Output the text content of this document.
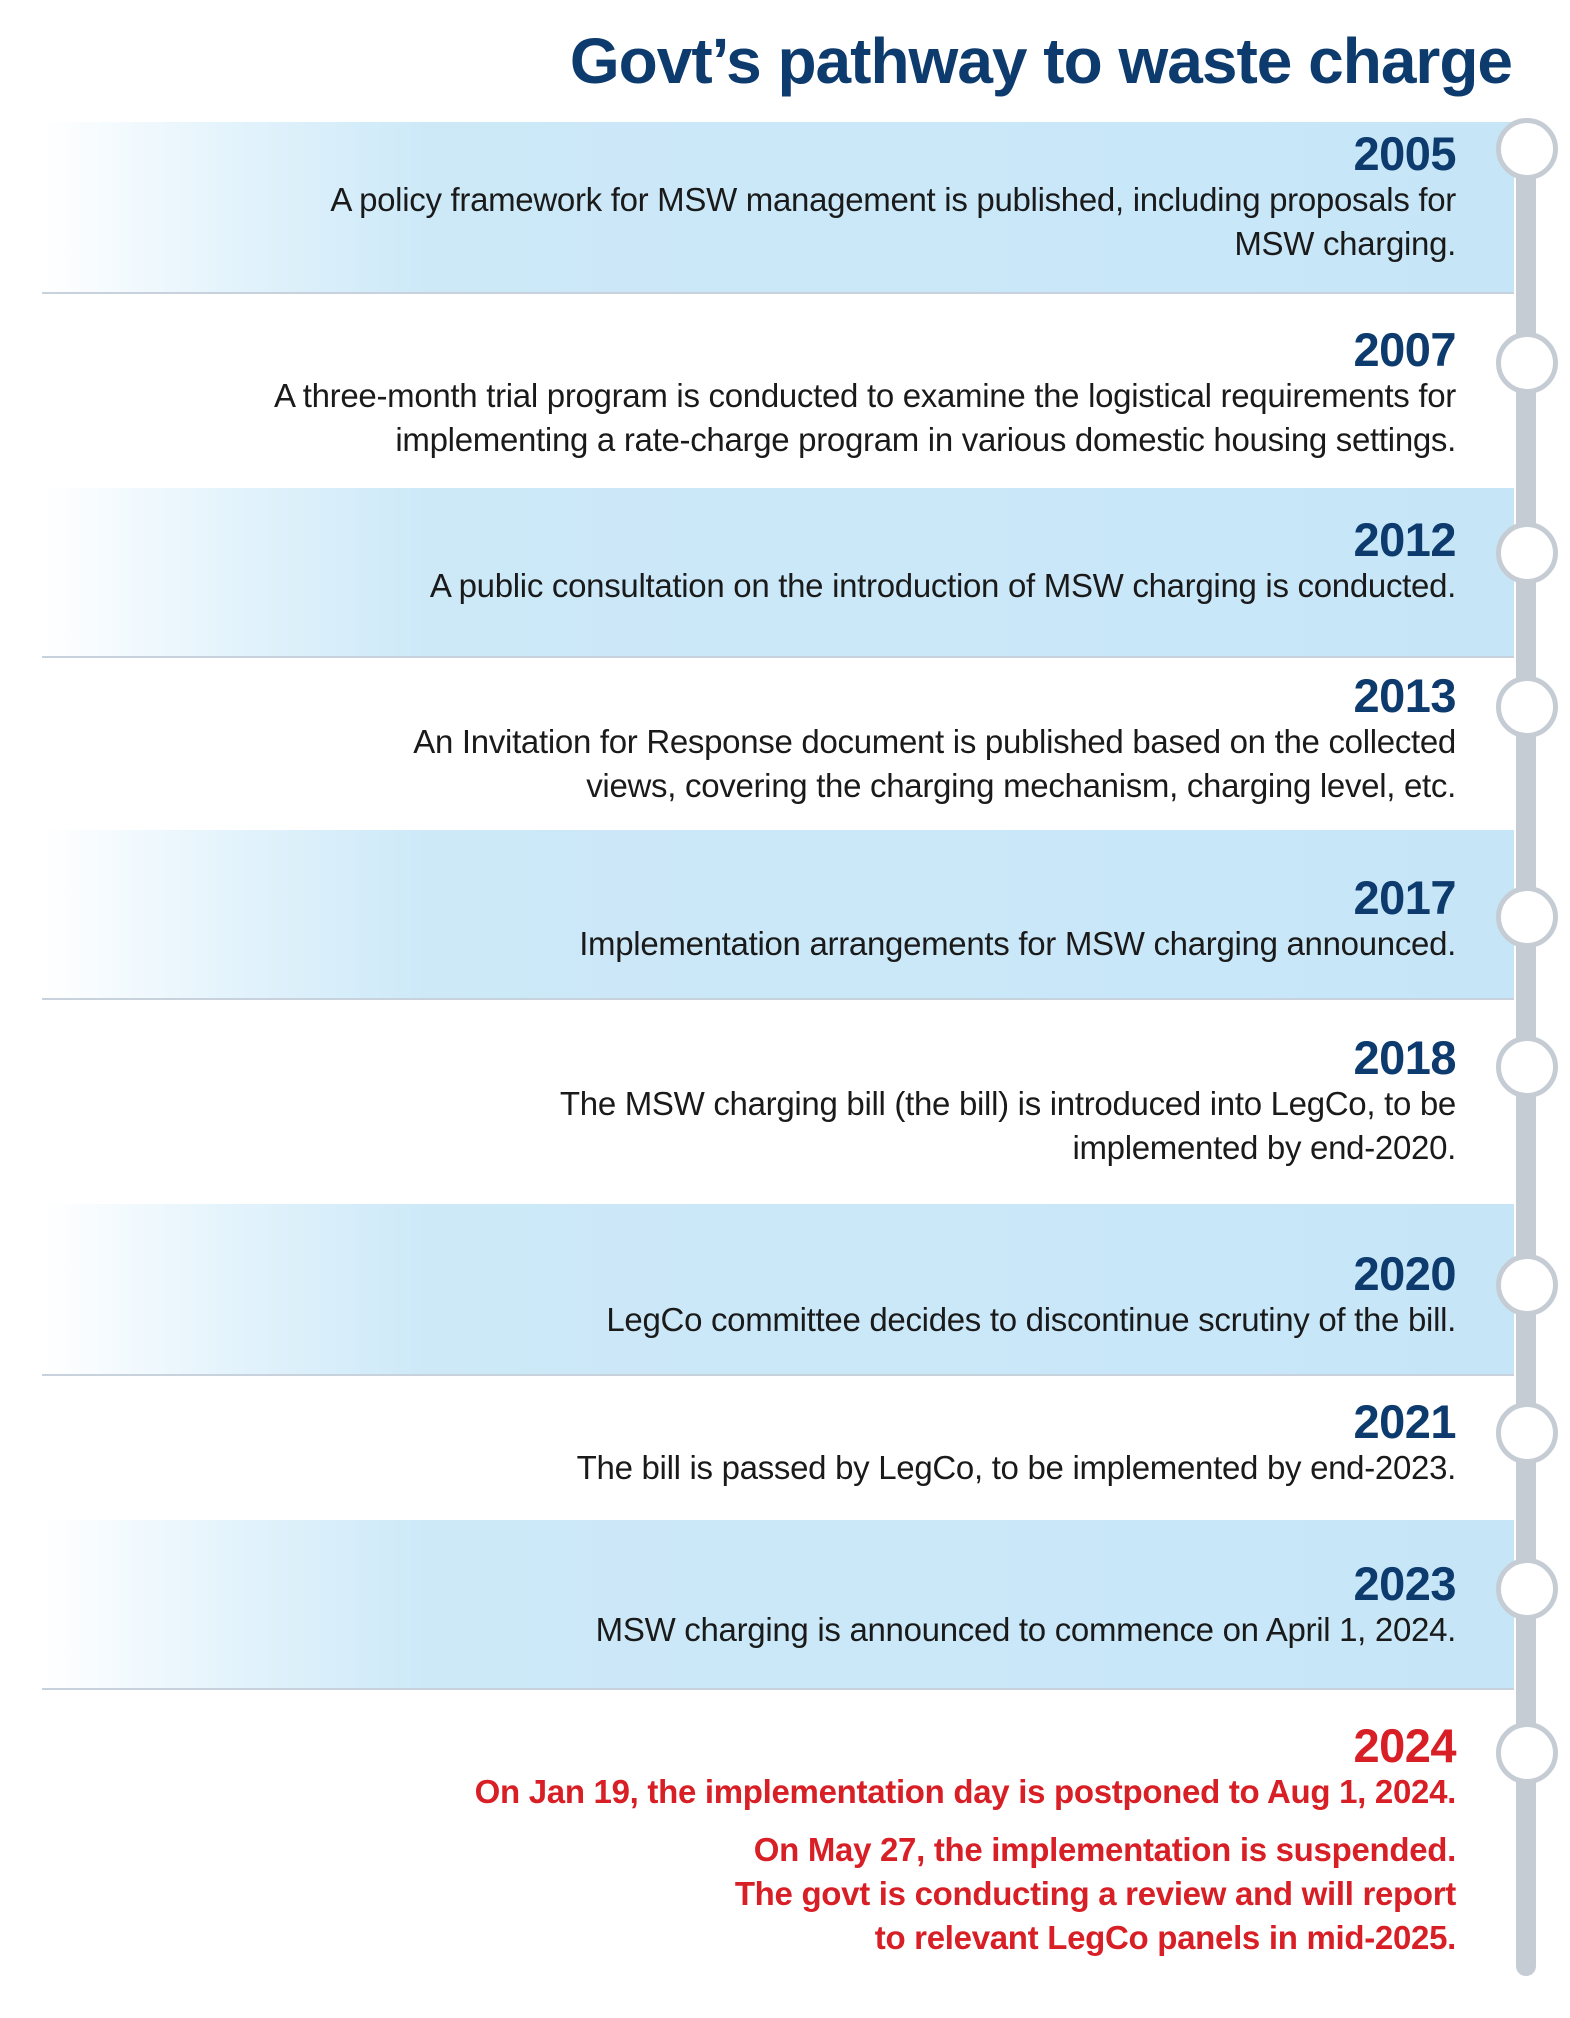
Govt’s pathway to waste charge
2005
A policy framework for MSW management is published, including proposals for
MSW charging.
2007
A three-month trial program is conducted to examine the logistical requirements for
implementing a rate-charge program in various domestic housing settings.
2012
A public consultation on the introduction of MSW charging is conducted.
2013
An Invitation for Response document is published based on the collected
views, covering the charging mechanism, charging level, etc.
2017
Implementation arrangements for MSW charging announced.
2018
The MSW charging bill (the bill) is introduced into LegCo, to be
implemented by end-2020.
2020
LegCo committee decides to discontinue scrutiny of the bill.
2021
The bill is passed by LegCo, to be implemented by end-2023.
2023
MSW charging is announced to commence on April 1, 2024.
2024
On Jan 19, the implementation day is postponed to Aug 1, 2024.
On May 27, the implementation is suspended.
The govt is conducting a review and will report
to relevant LegCo panels in mid-2025.
